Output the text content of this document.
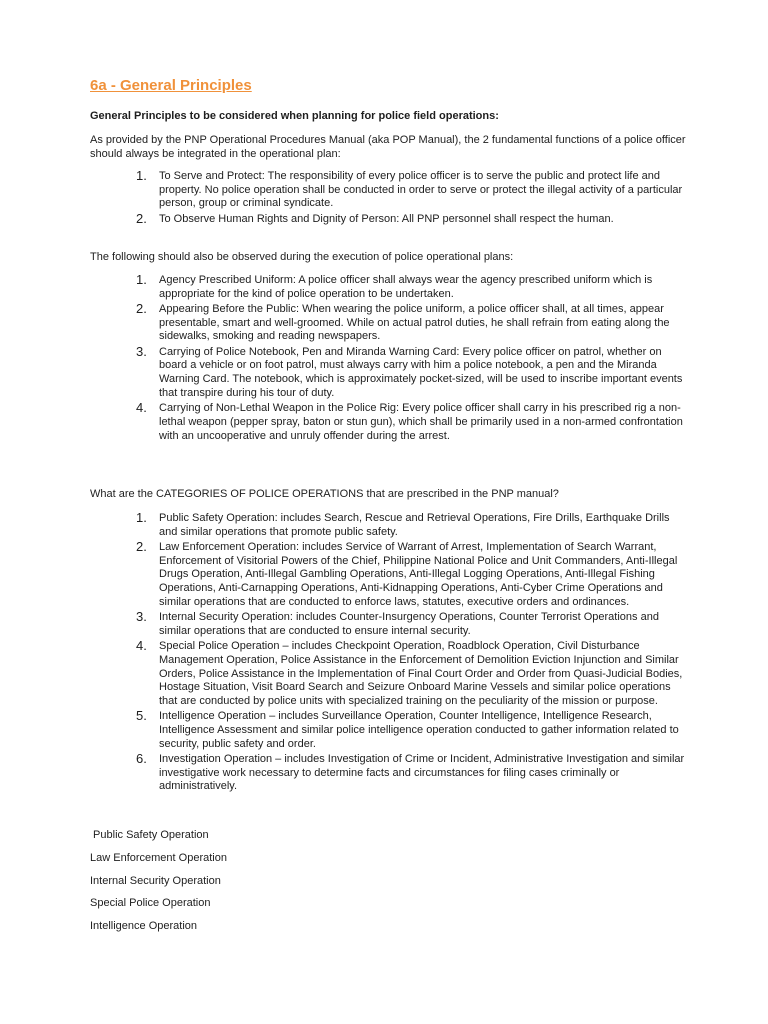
6a - General Principles

General Principles to be considered when planning for police field operations:

As provided by the PNP Operational Procedures Manual (aka POP Manual), the 2 fundamental functions of a police officer should always be integrated in the operational plan:

1. To Serve and Protect: The responsibility of every police officer is to serve the public and protect life and property. No police operation shall be conducted in order to serve or protect the illegal activity of a particular person, group or criminal syndicate.
2. To Observe Human Rights and Dignity of Person: All PNP personnel shall respect the human.

The following should also be observed during the execution of police operational plans:

1. Agency Prescribed Uniform: A police officer shall always wear the agency prescribed uniform which is appropriate for the kind of police operation to be undertaken.
2. Appearing Before the Public: When wearing the police uniform, a police officer shall, at all times, appear presentable, smart and well-groomed. While on actual patrol duties, he shall refrain from eating along the sidewalks, smoking and reading newspapers.
3. Carrying of Police Notebook, Pen and Miranda Warning Card: Every police officer on patrol, whether on board a vehicle or on foot patrol, must always carry with him a police notebook, a pen and the Miranda Warning Card. The notebook, which is approximately pocket-sized, will be used to inscribe important events that transpire during his tour of duty.
4. Carrying of Non-Lethal Weapon in the Police Rig: Every police officer shall carry in his prescribed rig a non-lethal weapon (pepper spray, baton or stun gun), which shall be primarily used in a non-armed confrontation with an uncooperative and unruly offender during the arrest.

What are the CATEGORIES OF POLICE OPERATIONS that are prescribed in the PNP manual?

1. Public Safety Operation: includes Search, Rescue and Retrieval Operations, Fire Drills, Earthquake Drills and similar operations that promote public safety.
2. Law Enforcement Operation: includes Service of Warrant of Arrest, Implementation of Search Warrant, Enforcement of Visitorial Powers of the Chief, Philippine National Police and Unit Commanders, Anti-Illegal Drugs Operation, Anti-Illegal Gambling Operations, Anti-Illegal Logging Operations, Anti-Illegal Fishing Operations, Anti-Carnapping Operations, Anti-Kidnapping Operations, Anti-Cyber Crime Operations and similar operations that are conducted to enforce laws, statutes, executive orders and ordinances.
3. Internal Security Operation: includes Counter-Insurgency Operations, Counter Terrorist Operations and similar operations that are conducted to ensure internal security.
4. Special Police Operation – includes Checkpoint Operation, Roadblock Operation, Civil Disturbance Management Operation, Police Assistance in the Enforcement of Demolition Eviction Injunction and Similar Orders, Police Assistance in the Implementation of Final Court Order and Order from Quasi-Judicial Bodies, Hostage Situation, Visit Board Search and Seizure Onboard Marine Vessels and similar police operations that are conducted by police units with specialized training on the peculiarity of the mission or purpose.
5. Intelligence Operation – includes Surveillance Operation, Counter Intelligence, Intelligence Research, Intelligence Assessment and similar police intelligence operation conducted to gather information related to security, public safety and order.
6. Investigation Operation – includes Investigation of Crime or Incident, Administrative Investigation and similar investigative work necessary to determine facts and circumstances for filing cases criminally or administratively.

Public Safety Operation

Law Enforcement Operation

Internal Security Operation

Special Police Operation

Intelligence Operation
